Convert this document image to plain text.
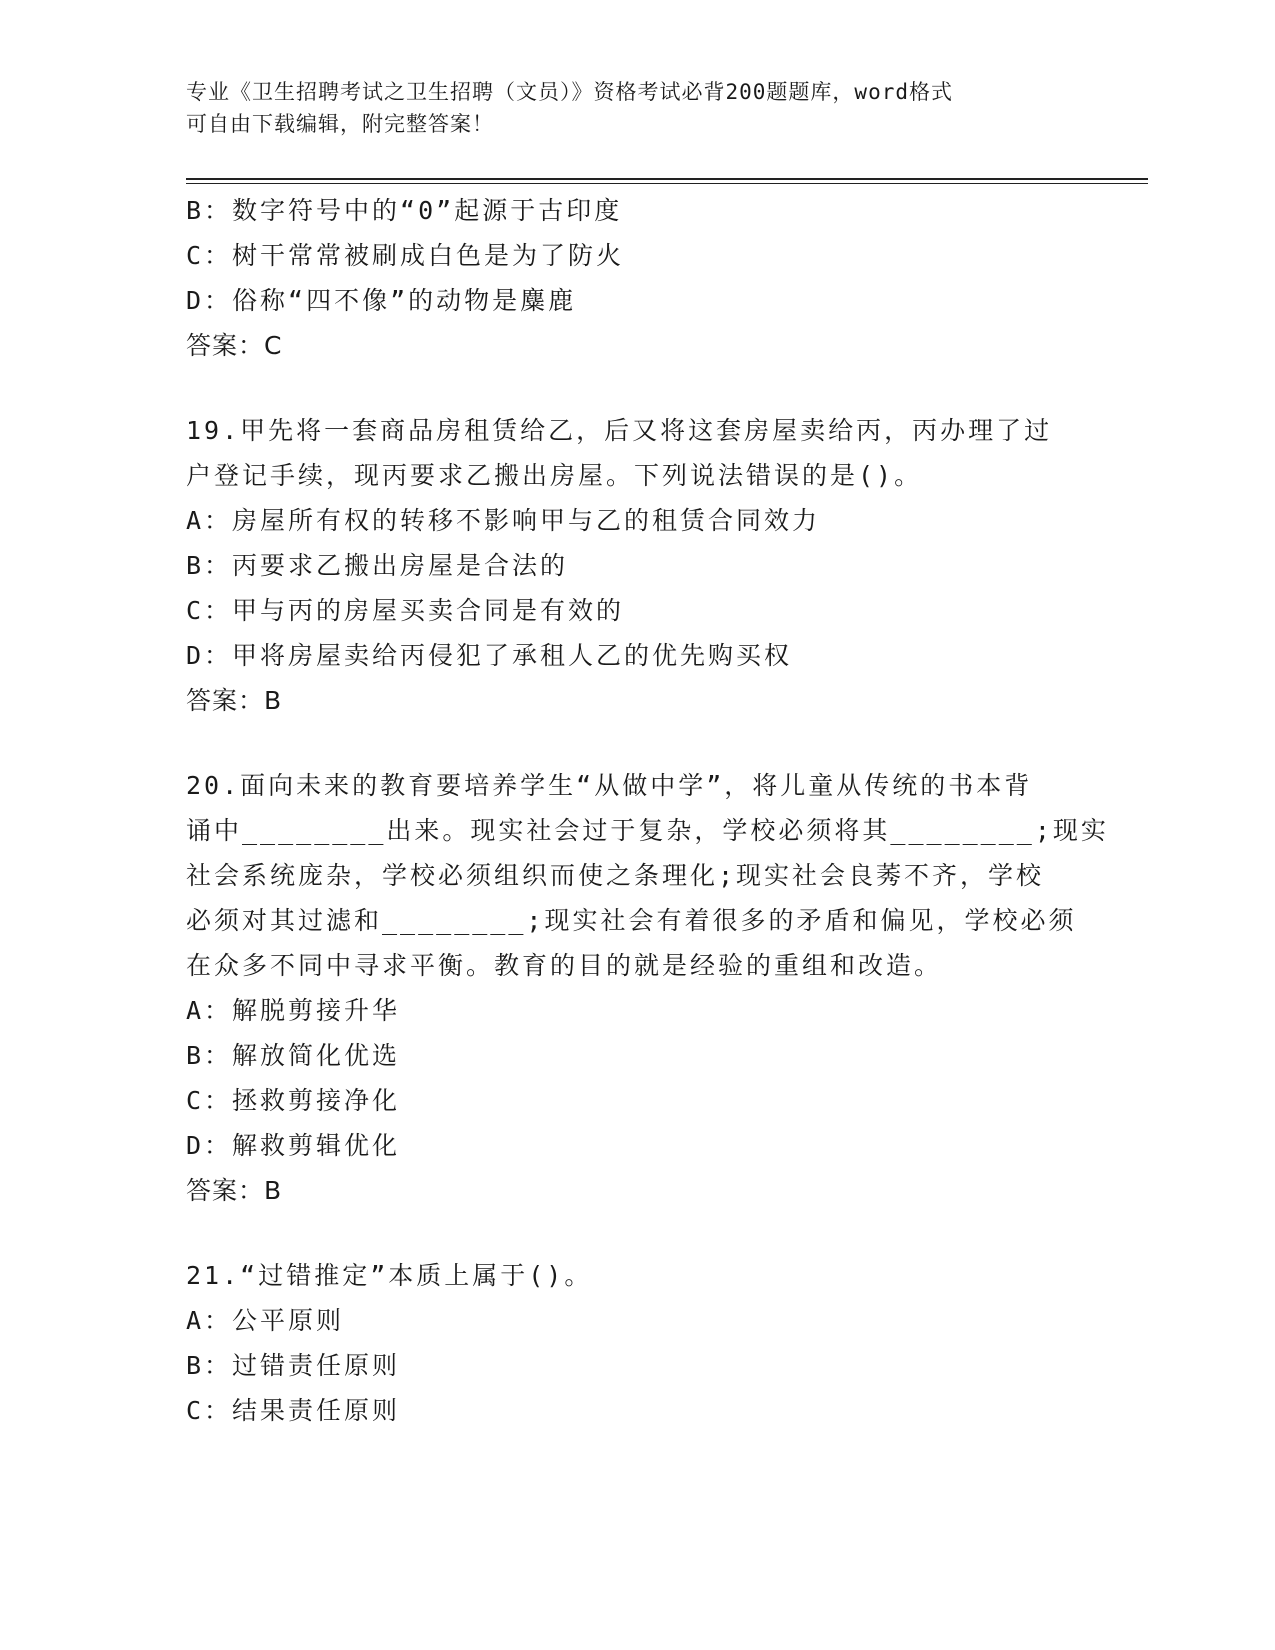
专业《卫生招聘考试之卫生招聘（文员）》资格考试必背200题题库，word格式
可自由下载编辑，附完整答案！
B：数字符号中的“0”起源于古印度
C：树干常常被刷成白色是为了防火
D：俗称“四不像”的动物是麋鹿
答案：C
19.甲先将一套商品房租赁给乙，后又将这套房屋卖给丙，丙办理了过
户登记手续，现丙要求乙搬出房屋。下列说法错误的是()。
A：房屋所有权的转移不影响甲与乙的租赁合同效力
B：丙要求乙搬出房屋是合法的
C：甲与丙的房屋买卖合同是有效的
D：甲将房屋卖给丙侵犯了承租人乙的优先购买权
答案：B
20.面向未来的教育要培养学生“从做中学”，将儿童从传统的书本背
诵中________出来。现实社会过于复杂，学校必须将其________;现实
社会系统庞杂，学校必须组织而使之条理化;现实社会良莠不齐，学校
必须对其过滤和________;现实社会有着很多的矛盾和偏见，学校必须
在众多不同中寻求平衡。教育的目的就是经验的重组和改造。
A：解脱剪接升华
B：解放简化优选
C：拯救剪接净化
D：解救剪辑优化
答案：B
21.“过错推定”本质上属于()。
A：公平原则
B：过错责任原则
C：结果责任原则
